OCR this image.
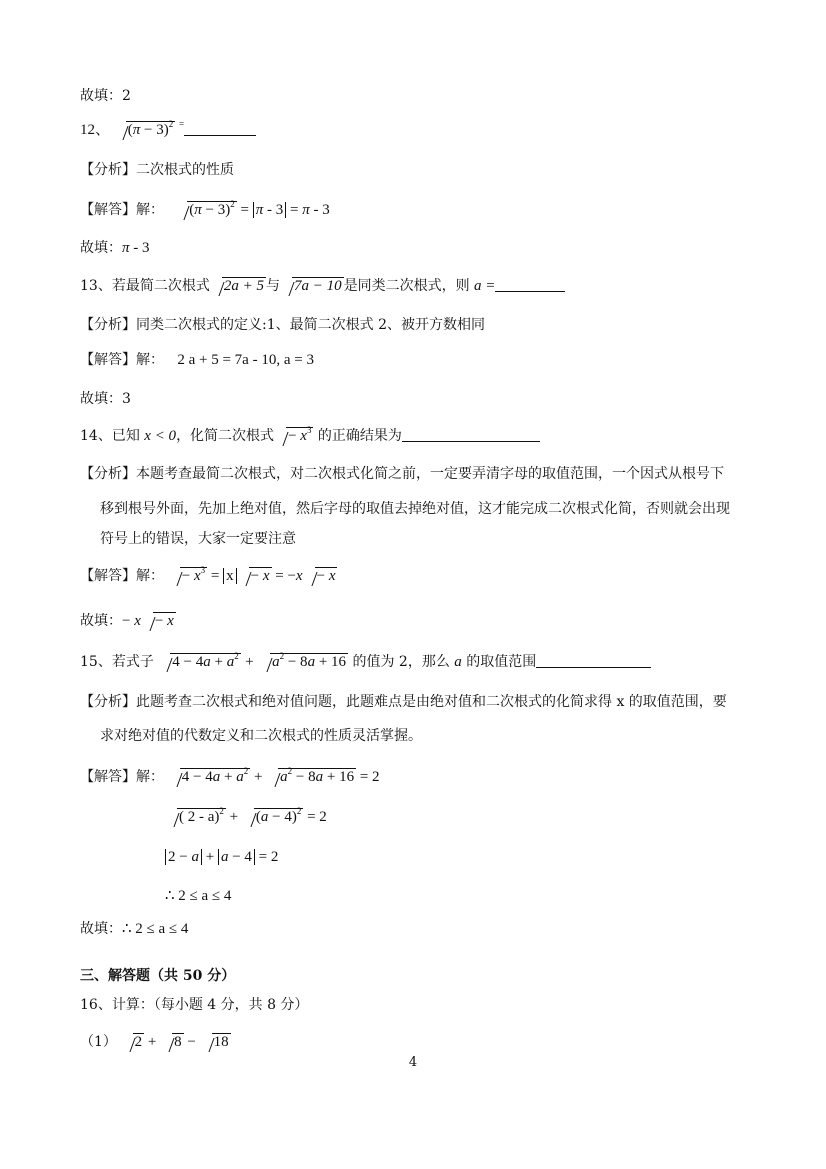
故填：2
12、 $(\pi - 3)^2$ =
【分析】二次根式的性质
【解答】解： $(\pi - 3)^2 = \pi - 3 = \pi - 3$
故填：π - 3
13、若最简二次根式 2a + 5 与 7a − 10 是同类二次根式，则 a =
【分析】同类二次根式的定义:1、最简二次根式 2、被开方数相同
【解答】解： 2 a + 5 = 7a - 10, a = 3
故填：3
14、已知 x < 0，化简二次根式 − $x^3$ 的正确结果为
【分析】本题考查最简二次根式，对二次根式化简之前，一定要弄清字母的取值范围，一个因式从根号下
移到根号外面，先加上绝对值，然后字母的取值去掉绝对值，这才能完成二次根式化简，否则就会出现
符号上的错误，大家一定要注意
【解答】解： − $x^3 = x - x = -x - x$
故填：− x − x
15、若式子 $4 - 4a + a^2 + a^2 - 8a + 16$ 的值为 2，那么 a 的取值范围
【分析】此题考查二次根式和绝对值问题，此题难点是由绝对值和二次根式的化简求得 x 的取值范围，要
求对绝对值的代数定义和二次根式的性质灵活掌握。
【解答】解： $4 - 4a + a^2 + a^2 - 8a + 16 = 2$
( $2 - a)^2 + (a - 4)^2 = 2$
2 − a + a − 4 = 2
∴ 2 ≤ a ≤ 4
故填：∴ 2 ≤ a ≤ 4
三、解答题（共 50 分）
16、计算：（每小题 4 分，共 8 分）
（1） 2 + 8 − 18
4
